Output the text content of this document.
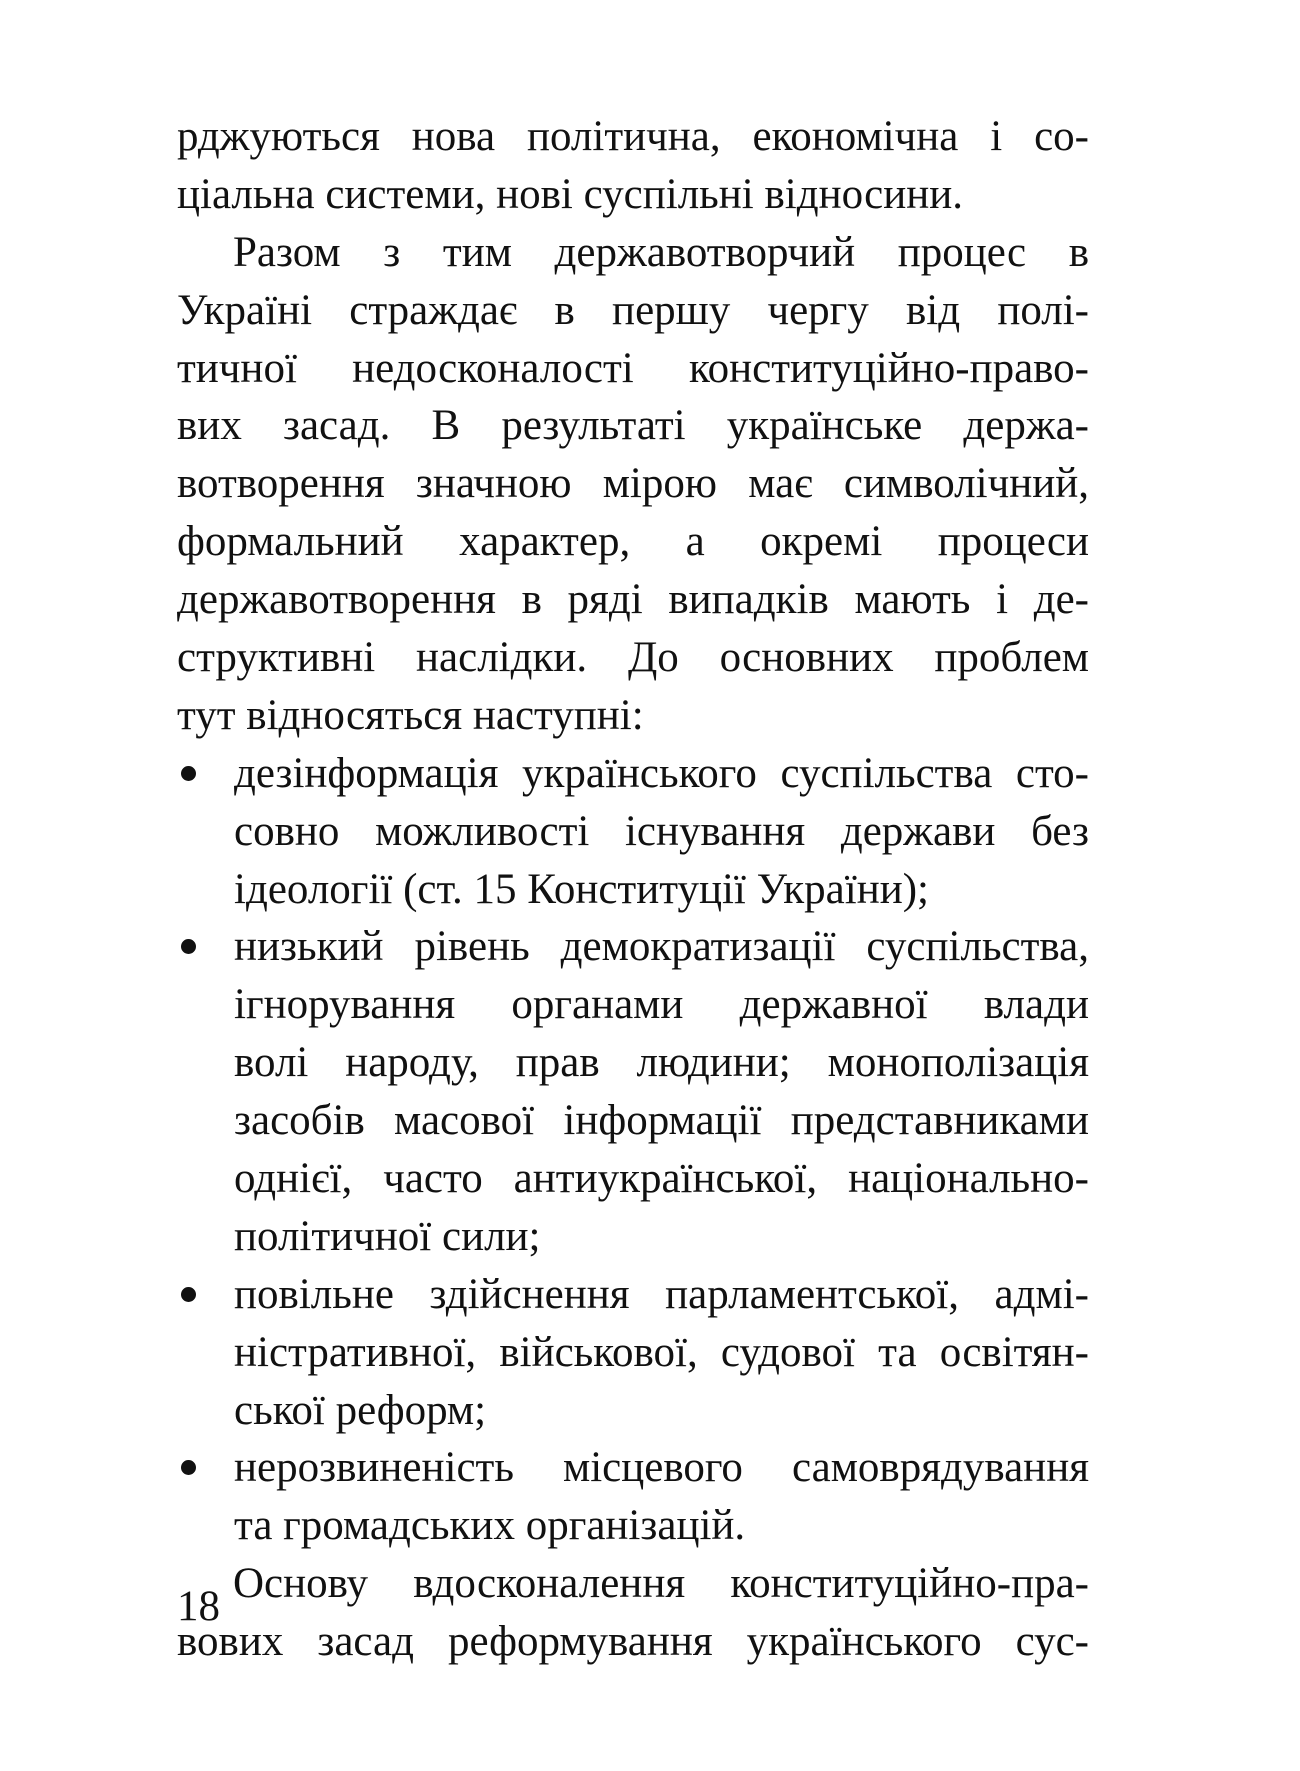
рджуються нова політична, економічна і со-
ціальна системи, нові суспільні відносини.
Разом з тим державотворчий процес в
Україні страждає в першу чергу від полі-
тичної недосконалості конституційно-право-
вих засад. В результаті українське держа-
вотворення значною мірою має символічний,
формальний характер, а окремі процеси
державотворення в ряді випадків мають і де-
структивні наслідки. До основних проблем
тут відносяться наступні:
дезінформація українського суспільства сто-
совно можливості існування держави без
ідеології (ст. 15 Конституції України);
низький рівень демократизації суспільства,
ігнорування органами державної влади
волі народу, прав людини; монополізація
засобів масової інформації представниками
однієї, часто антиукраїнської, національно-
політичної сили;
повільне здійснення парламентської, адмі-
ністративної, військової, судової та освітян-
ської реформ;
нерозвиненість місцевого самоврядування
та громадських організацій.
Основу вдосконалення конституційно-пра-
вових засад реформування українського сус-
18
